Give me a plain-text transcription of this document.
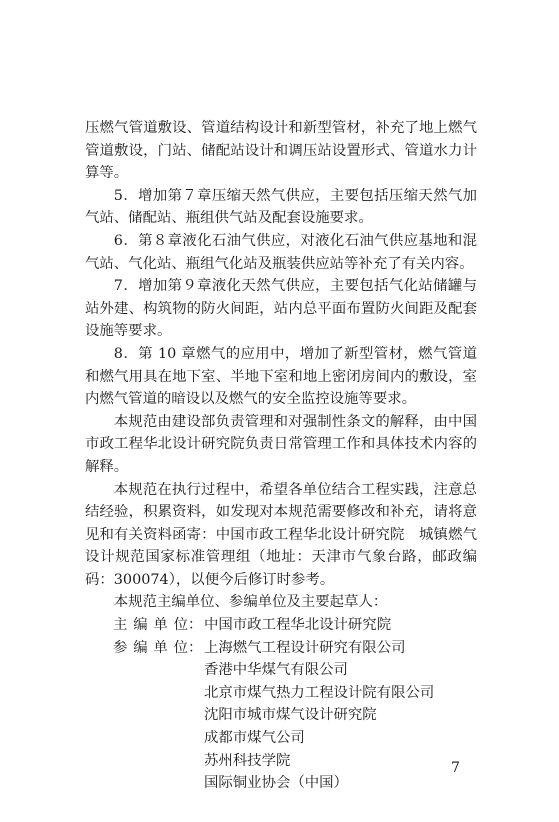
压燃气管道敷设、管道结构设计和新型管材，补充了地上燃气管道敷设，门站、储配站设计和调压站设置形式、管道水力计算等。

5．增加第７章压缩天然气供应，主要包括压缩天然气加气站、储配站、瓶组供气站及配套设施要求。

6．第８章液化石油气供应，对液化石油气供应基地和混气站、气化站、瓶组气化站及瓶装供应站等补充了有关内容。

7．增加第９章液化天然气供应，主要包括气化站储罐与站外建、构筑物的防火间距，站内总平面布置防火间距及配套设施等要求。

8．第 10 章燃气的应用中，增加了新型管材，燃气管道和燃气用具在地下室、半地下室和地上密闭房间内的敷设，室内燃气管道的暗设以及燃气的安全监控设施等要求。

本规范由建设部负责管理和对强制性条文的解释，由中国市政工程华北设计研究院负责日常管理工作和具体技术内容的解释。

本规范在执行过程中，希望各单位结合工程实践，注意总结经验，积累资料，如发现对本规范需要修改和补充，请将意见和有关资料函寄：中国市政工程华北设计研究院　城镇燃气设计规范国家标准管理组（地址：天津市气象台路，邮政编码：300074），以便今后修订时参考。

本规范主编单位、参编单位及主要起草人：

主编单位 ： 中国市政工程华北设计研究院
参编单位 ： 上海燃气工程设计研究有限公司
香港中华煤气有限公司
北京市煤气热力工程设计院有限公司
沈阳市城市煤气设计研究院
成都市煤气公司
苏州科技学院
国际铜业协会（中国）
7
